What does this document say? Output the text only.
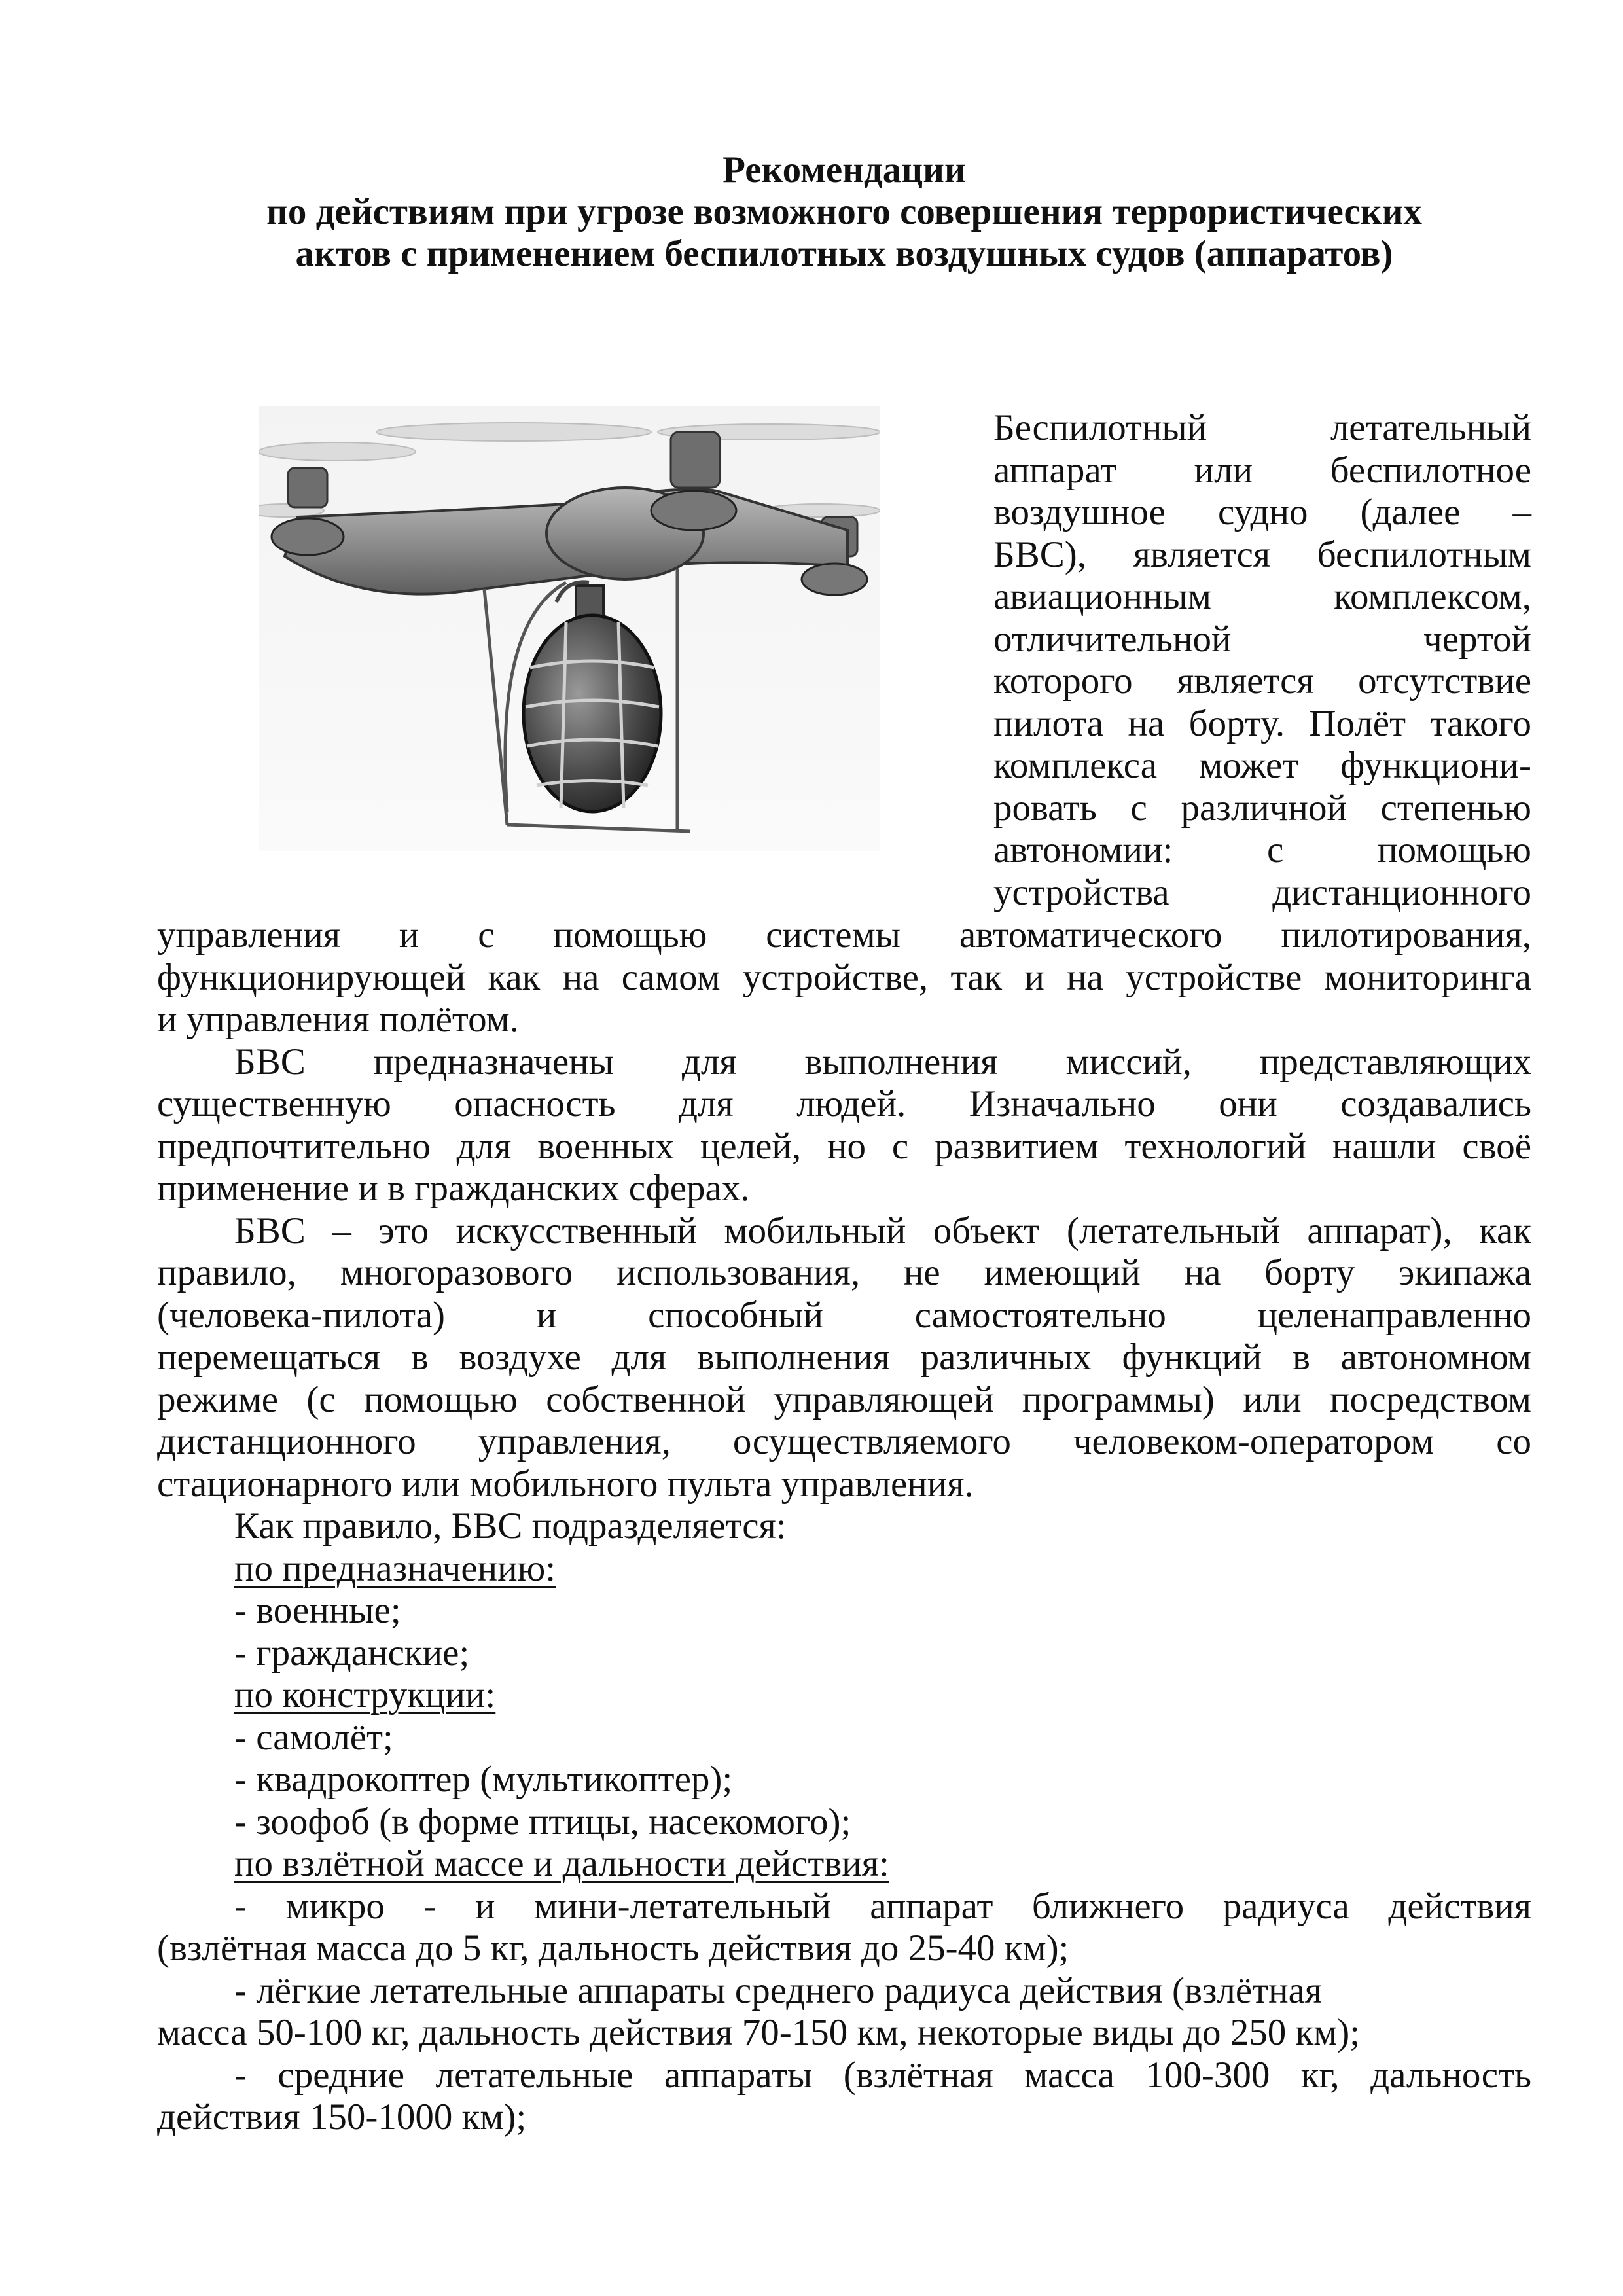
Рекомендации
по действиям при угрозе возможного совершения террористических
актов с применением беспилотных воздушных судов (аппаратов)
Беспилотный летательный
аппарат или беспилотное
воздушное судно (далее –
БВС), является беспилотным
авиационным комплексом,
отличительной чертой
которого является отсутствие
пилота на борту. Полёт такого
комплекса может функциони-
ровать с различной степенью
автономии: с помощью
устройства дистанционного
управления и с помощью системы автоматического пилотирования,
функционирующей как на самом устройстве, так и на устройстве мониторинга
и управления полётом.
БВС предназначены для выполнения миссий, представляющих
существенную опасность для людей. Изначально они создавались
предпочтительно для военных целей, но с развитием технологий нашли своё
применение и в гражданских сферах.
БВС – это искусственный мобильный объект (летательный аппарат), как
правило, многоразового использования, не имеющий на борту экипажа
(человека-пилота) и способный самостоятельно целенаправленно
перемещаться в воздухе для выполнения различных функций в автономном
режиме (с помощью собственной управляющей программы) или посредством
дистанционного управления, осуществляемого человеком-оператором со
стационарного или мобильного пульта управления.
Как правило, БВС подразделяется:
по предназначению:
- военные;
- гражданские;
по конструкции:
- самолёт;
- квадрокоптер (мультикоптер);
- зоофоб (в форме птицы, насекомого);
по взлётной массе и дальности действия:
- микро - и мини-летательный аппарат ближнего радиуса действия
(взлётная масса до 5 кг, дальность действия до 25-40 км);
- лёгкие летательные аппараты среднего радиуса действия (взлётная
масса 50-100 кг, дальность действия 70-150 км, некоторые виды до 250 км);
- средние летательные аппараты (взлётная масса 100-300 кг, дальность
действия 150-1000 км);
